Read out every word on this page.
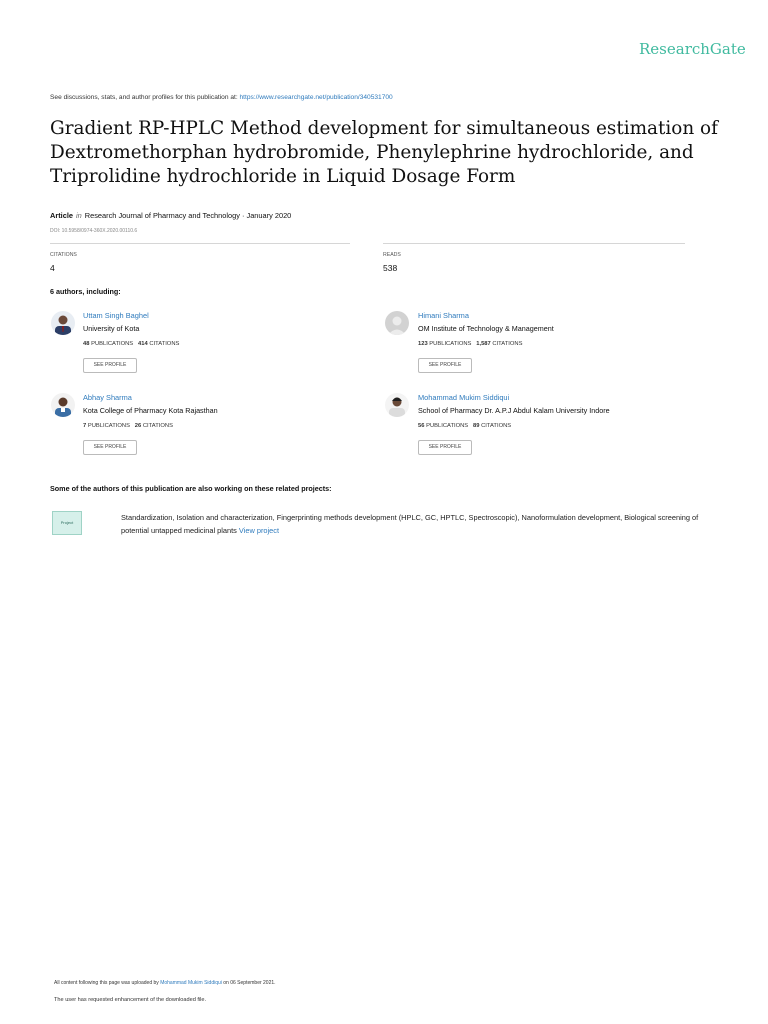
ResearchGate
See discussions, stats, and author profiles for this publication at: https://www.researchgate.net/publication/340531700
Gradient RP-HPLC Method development for simultaneous estimation of
Dextromethorphan hydrobromide, Phenylephrine hydrochloride, and
Triprolidine hydrochloride in Liquid Dosage Form
Article in Research Journal of Pharmacy and Technology · January 2020
DOI: 10.5958/0974-360X.2020.00110.6
CITATIONS
4
READS
538
6 authors, including:
Uttam Singh Baghel
University of Kota
48 PUBLICATIONS 414 CITATIONS
SEE PROFILE
Himani Sharma
OM Institute of Technology & Management
123 PUBLICATIONS 1,587 CITATIONS
SEE PROFILE
Abhay Sharma
Kota College of Pharmacy Kota Rajasthan
7 PUBLICATIONS 26 CITATIONS
SEE PROFILE
Mohammad Mukim Siddiqui
School of Pharmacy Dr. A.P.J Abdul Kalam University Indore
56 PUBLICATIONS 89 CITATIONS
SEE PROFILE
Some of the authors of this publication are also working on these related projects:
Project
Standardization, Isolation and characterization, Fingerprinting methods development (HPLC, GC, HPTLC, Spectroscopic), Nanoformulation development, Biological screening of potential untapped medicinal plants View project
All content following this page was uploaded by Mohammad Mukim Siddiqui on 06 September 2021.
The user has requested enhancement of the downloaded file.
